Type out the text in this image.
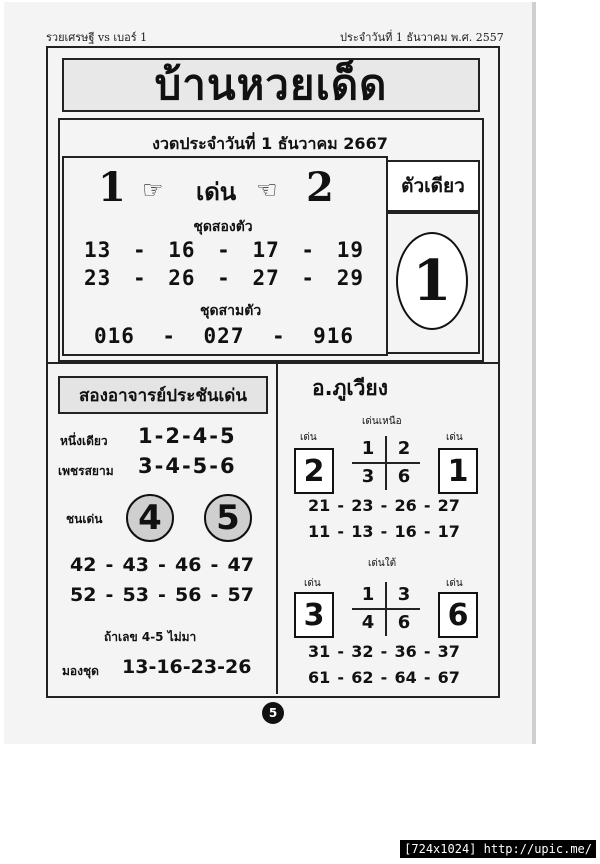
รวยเศรษฐี vs เบอร์ 1	ประจำวันที่ 1 ธันวาคม พ.ศ. 2557
บ้านหวยเด็ด
งวดประจำวันที่ 1 ธันวาคม 2667
1 ☞ เด่น ☜ 2
ชุดสองตัว
13 - 16 - 17 - 19
23 - 26 - 27 - 29
ชุดสามตัว
016 - 027 - 916
ตัวเดียว
1
สองอาจารย์ประชันเด่น
หนึ่งเดียว 1-2-4-5
เพชรสยาม 3-4-5-6
ชนเด่น 4 5
42 - 43 - 46 - 47
52 - 53 - 56 - 57
ถ้าเลข 4-5 ไม่มา
มองชุด 13-16-23-26
อ.ภูเวียง
เด่นเหนือ
เด่น	เด่น
2	1
1	2
3	6
21 - 23 - 26 - 27
11 - 13 - 16 - 17
เด่นใต้
เด่น	เด่น
3	6
1	3
4	6
31 - 32 - 36 - 37
61 - 62 - 64 - 67
5
[724x1024] http://upic.me/
